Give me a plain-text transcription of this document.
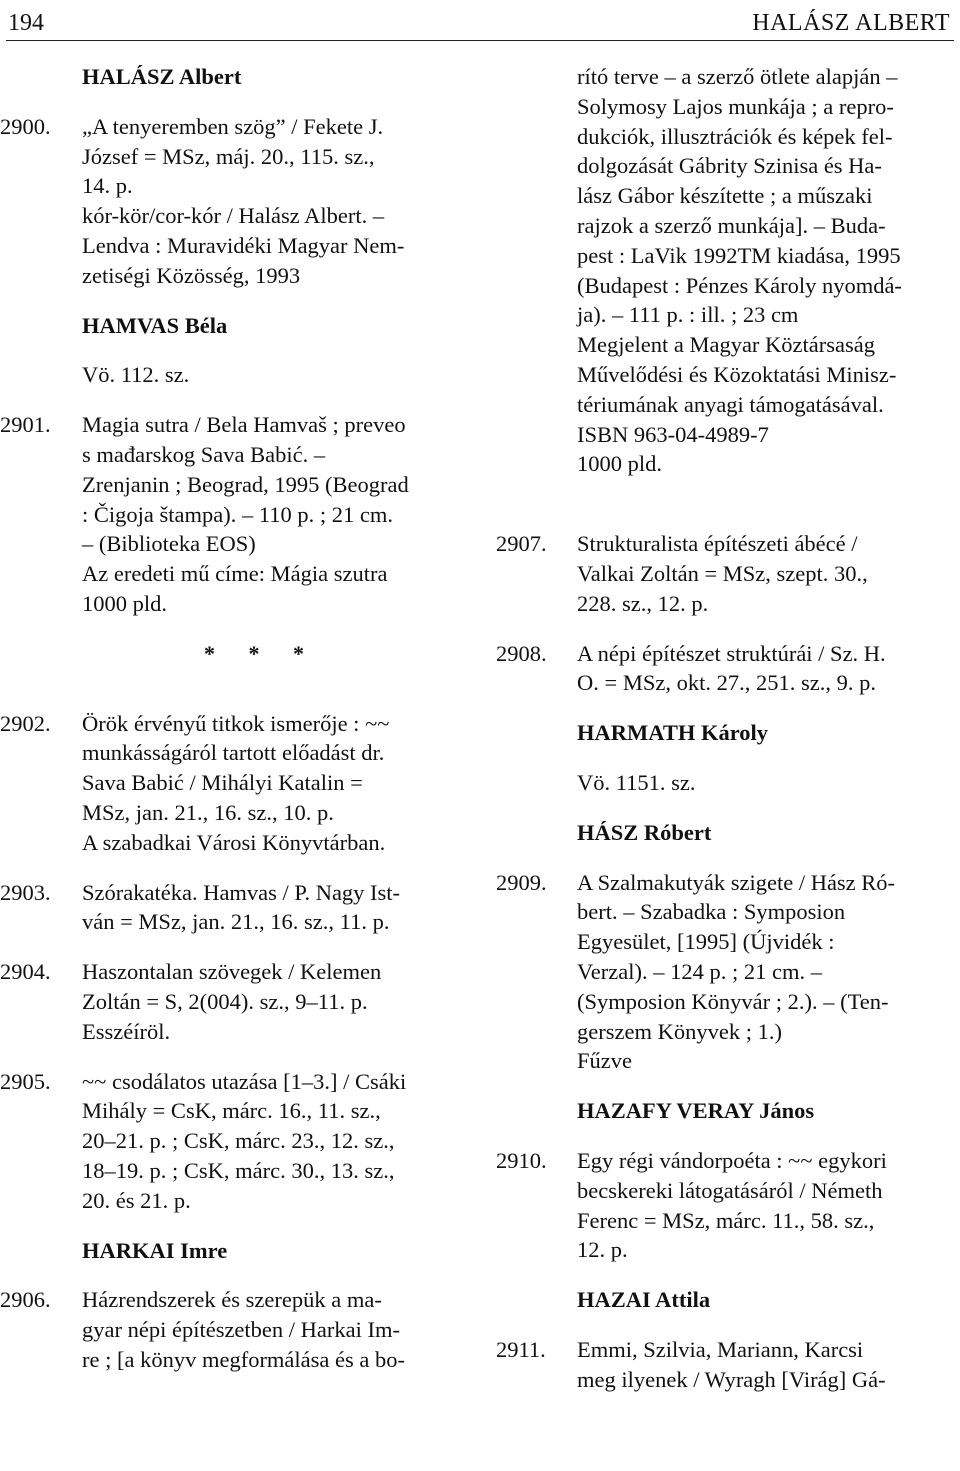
194	HALÁSZ ALBERT
HALÁSZ Albert
2900. „A tenyeremben szög” / Fekete J.
József = MSz, máj. 20., 115. sz.,
14. p.
kór-kör/cor-kór / Halász Albert. –
Lendva : Muravidéki Magyar Nem-
zetiségi Közösség, 1993
HAMVAS Béla
Vö. 112. sz.
2901. Magia sutra / Bela Hamvaš ; preveo
s mađarskog Sava Babić. –
Zrenjanin ; Beograd, 1995 (Beograd
: Čigoja štampa). – 110 p. ; 21 cm.
– (Biblioteka EOS)
Az eredeti mű címe: Mágia szutra
1000 pld.
* * *
2902. Örök érvényű titkok ismerője : ~~
munkásságáról tartott előadást dr.
Sava Babić / Mihályi Katalin =
MSz, jan. 21., 16. sz., 10. p.
A szabadkai Városi Könyvtárban.
2903. Szórakatéka. Hamvas / P. Nagy Ist-
ván = MSz, jan. 21., 16. sz., 11. p.
2904. Haszontalan szövegek / Kelemen
Zoltán = S, 2(004). sz., 9–11. p.
Esszéíröl.
2905. ~~ csodálatos utazása [1–3.] / Csáki
Mihály = CsK, márc. 16., 11. sz.,
20–21. p. ; CsK, márc. 23., 12. sz.,
18–19. p. ; CsK, márc. 30., 13. sz.,
20. és 21. p.
HARKAI Imre
2906. Házrendszerek és szerepük a ma-
gyar népi építészetben / Harkai Im-
re ; [a könyv megformálása és a bo-
rító terve – a szerző ötlete alapján –
Solymosy Lajos munkája ; a repro-
dukciók, illusztrációk és képek fel-
dolgozását Gábrity Szinisa és Ha-
lász Gábor készítette ; a műszaki
rajzok a szerző munkája]. – Buda-
pest : LaVik 1992TM kiadása, 1995
(Budapest : Pénzes Károly nyomdá-
ja). – 111 p. : ill. ; 23 cm
Megjelent a Magyar Köztársaság
Művelődési és Közoktatási Minisz-
tériumának anyagi támogatásával.
ISBN 963-04-4989-7
1000 pld.
2907. Strukturalista építészeti ábécé /
Valkai Zoltán = MSz, szept. 30.,
228. sz., 12. p.
2908. A népi építészet struktúrái / Sz. H.
O. = MSz, okt. 27., 251. sz., 9. p.
HARMATH Károly
Vö. 1151. sz.
HÁSZ Róbert
2909. A Szalmakutyák szigete / Hász Ró-
bert. – Szabadka : Symposion
Egyesület, [1995] (Újvidék :
Verzal). – 124 p. ; 21 cm. –
(Symposion Könyvár ; 2.). – (Ten-
gerszem Könyvek ; 1.)
Fűzve
HAZAFY VERAY János
2910. Egy régi vándorpoéta : ~~ egykori
becskereki látogatásáról / Németh
Ferenc = MSz, márc. 11., 58. sz.,
12. p.
HAZAI Attila
2911. Emmi, Szilvia, Mariann, Karcsi
meg ilyenek / Wyragh [Virág] Gá-
